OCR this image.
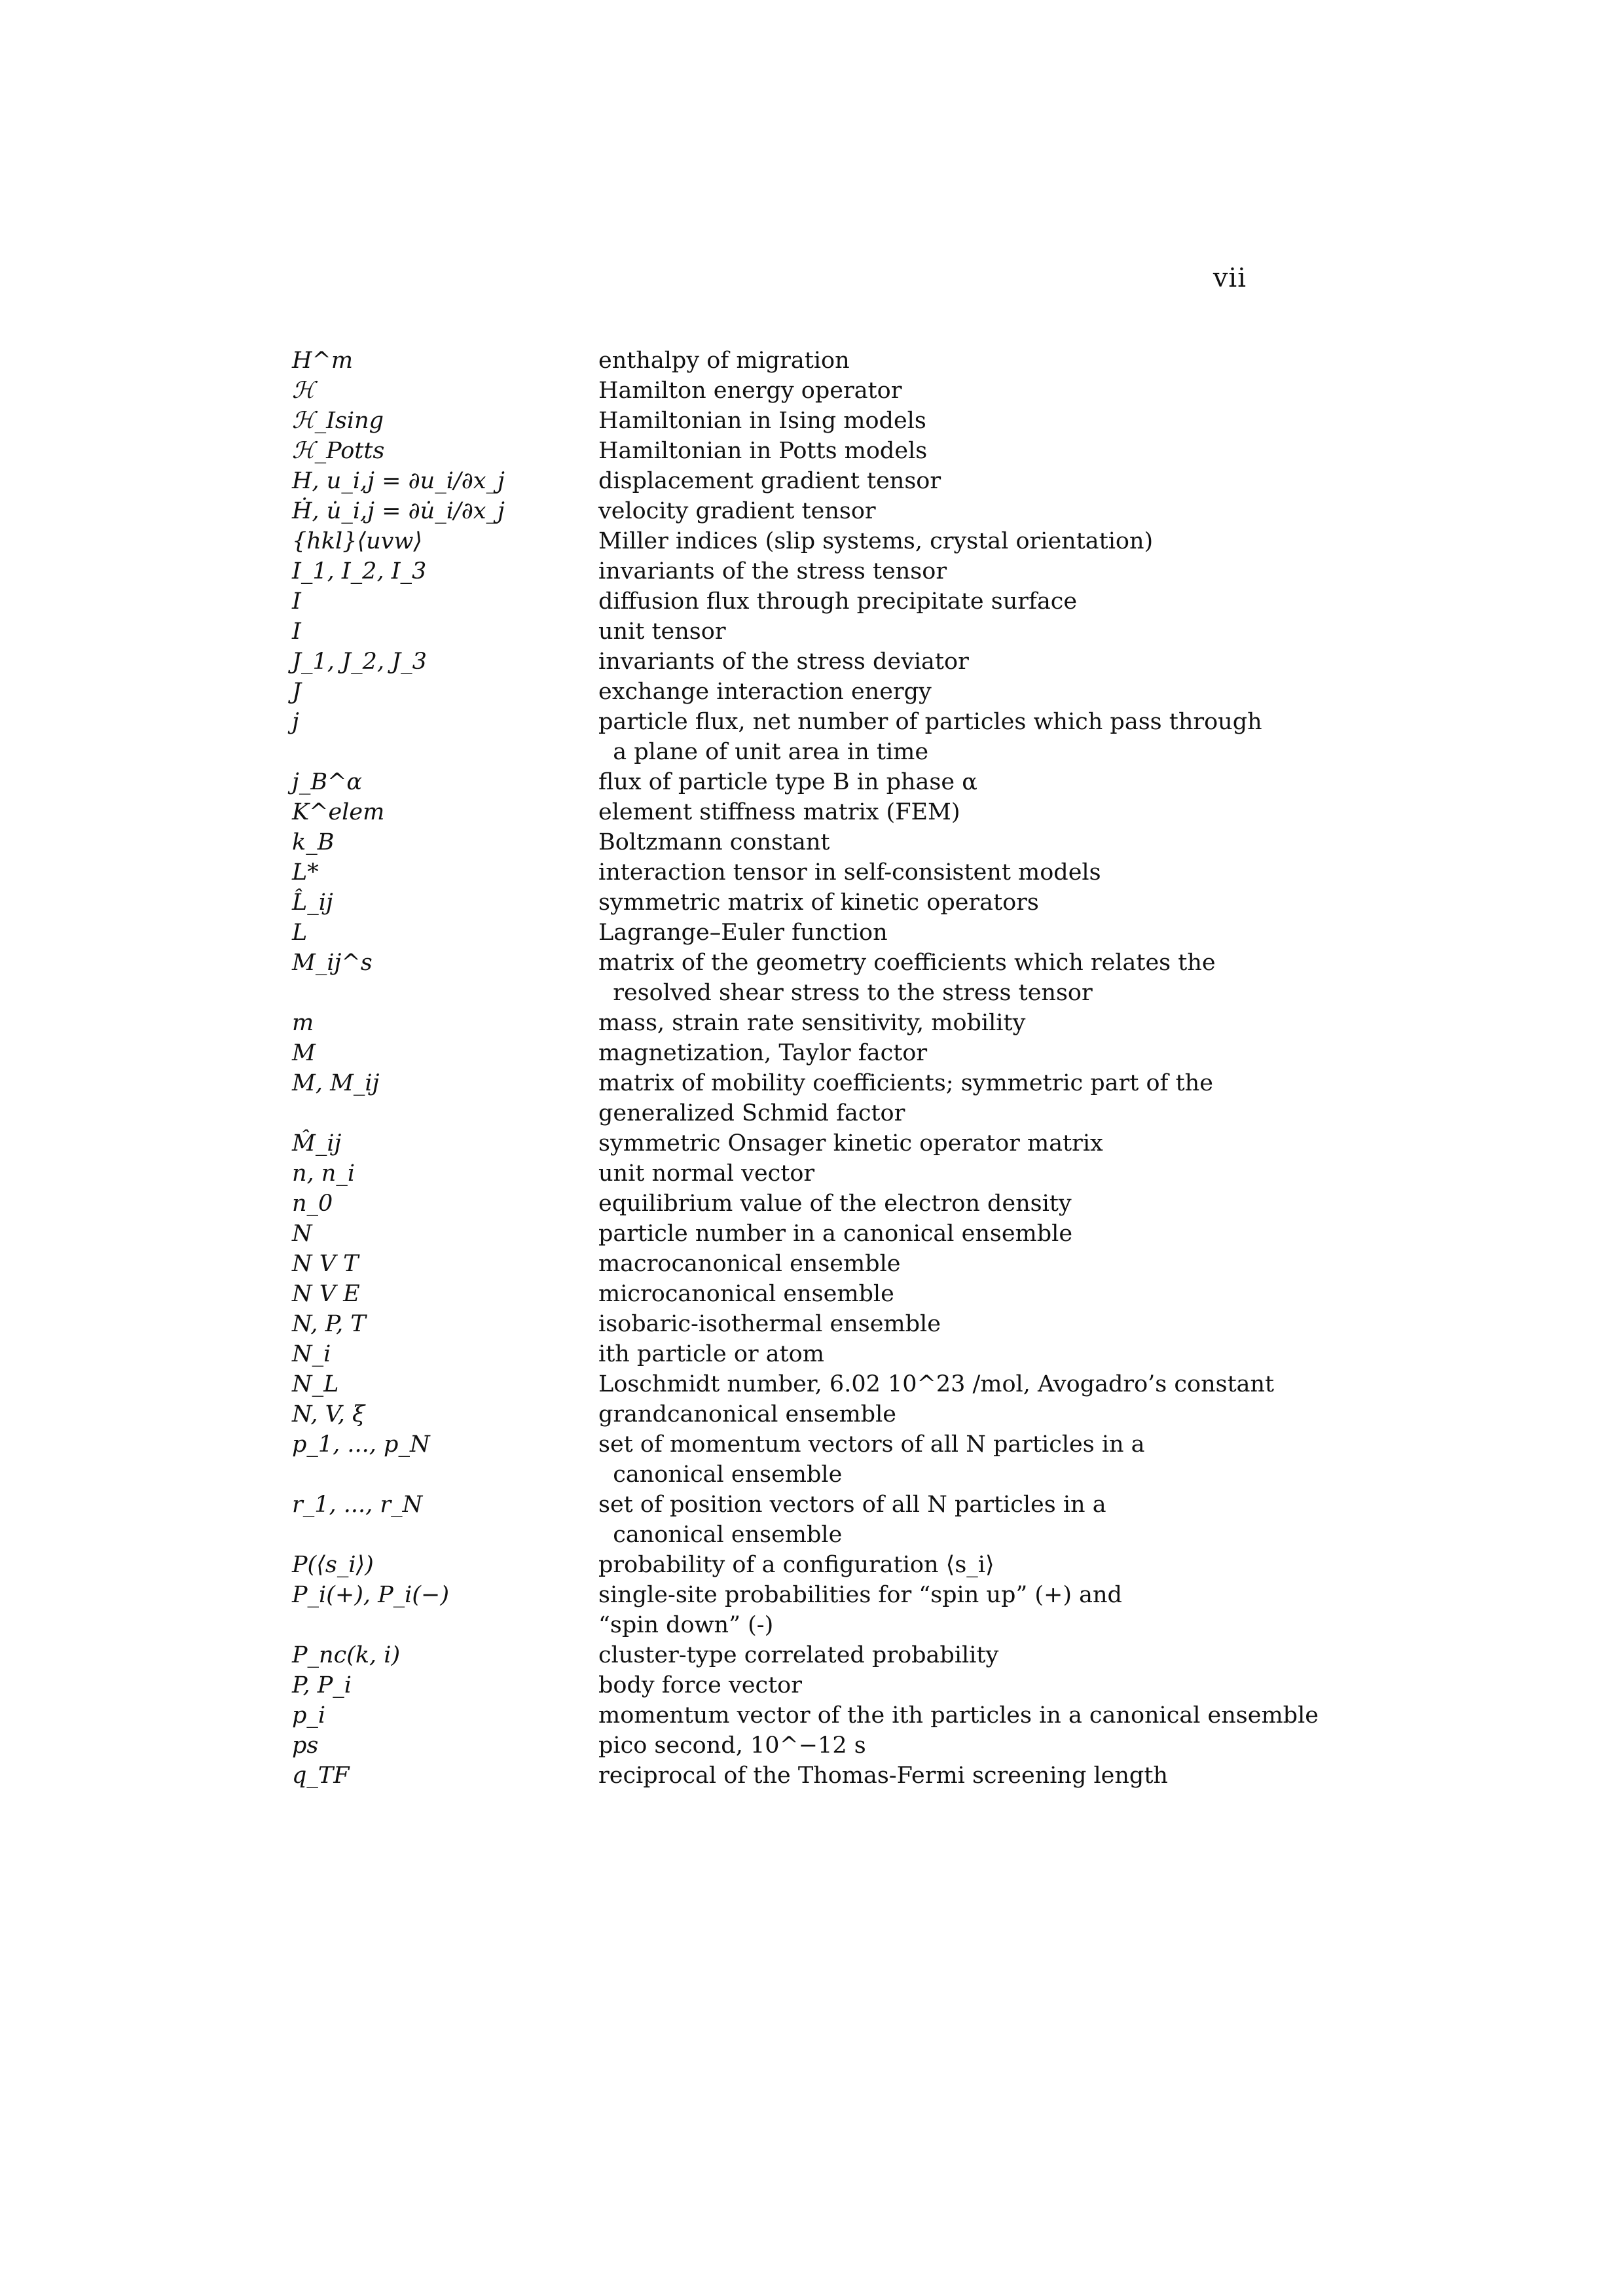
vii
H^m	enthalpy of migration
ℋ	Hamilton energy operator
ℋ_Ising	Hamiltonian in Ising models
ℋ_Potts	Hamiltonian in Potts models
H, u_i,j = ∂u_i/∂x_j	displacement gradient tensor
Ḣ, u̇_i,j = ∂u̇_i/∂x_j	velocity gradient tensor
{hkl}⟨uvw⟩	Miller indices (slip systems, crystal orientation)
I_1, I_2, I_3	invariants of the stress tensor
I	diffusion flux through precipitate surface
I	unit tensor
J_1, J_2, J_3	invariants of the stress deviator
J	exchange interaction energy
j	particle flux, net number of particles which pass through
a plane of unit area in time
j_B^α	flux of particle type B in phase α
K^elem	element stiffness matrix (FEM)
k_B	Boltzmann constant
L*	interaction tensor in self-consistent models
L̂_ij	symmetric matrix of kinetic operators
L	Lagrange–Euler function
M_ij^s	matrix of the geometry coefficients which relates the
resolved shear stress to the stress tensor
m	mass, strain rate sensitivity, mobility
M	magnetization, Taylor factor
M, M_ij	matrix of mobility coefficients; symmetric part of the
generalized Schmid factor
M̂_ij	symmetric Onsager kinetic operator matrix
n, n_i	unit normal vector
n_0	equilibrium value of the electron density
N	particle number in a canonical ensemble
N V T	macrocanonical ensemble
N V E	microcanonical ensemble
N, P, T	isobaric-isothermal ensemble
N_i	ith particle or atom
N_L	Loschmidt number, 6.02 10^23 /mol, Avogadro’s constant
N, V, ξ	grandcanonical ensemble
p_1, ..., p_N	set of momentum vectors of all N particles in a
canonical ensemble
r_1, ..., r_N	set of position vectors of all N particles in a
canonical ensemble
P(⟨s_i⟩)	probability of a configuration ⟨s_i⟩
P_i(+), P_i(−)	single-site probabilities for “spin up” (+) and
“spin down” (-)
P_nc(k, i)	cluster-type correlated probability
P, P_i	body force vector
p_i	momentum vector of the ith particles in a canonical ensemble
ps	pico second, 10^−12 s
q_TF	reciprocal of the Thomas-Fermi screening length
